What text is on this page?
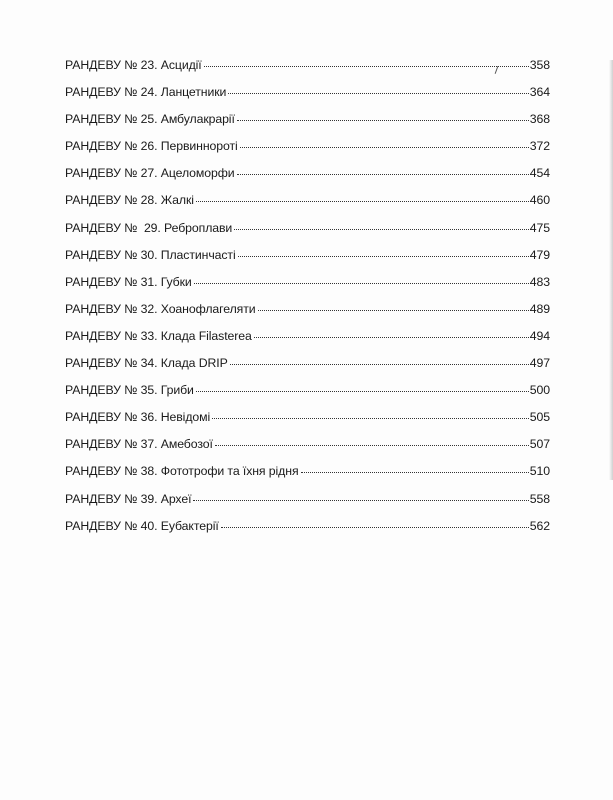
РАНДЕВУ № 23. Асцидії	358
РАНДЕВУ № 24. Ланцетники	364
РАНДЕВУ № 25. Амбулакрарії	368
РАНДЕВУ № 26. Первиннороті	372
РАНДЕВУ № 27. Ацеломорфи	454
РАНДЕВУ № 28. Жалкі	460
РАНДЕВУ №  29. Реброплави	475
РАНДЕВУ № 30. Пластинчасті	479
РАНДЕВУ № 31. Губки	483
РАНДЕВУ № 32. Хоанофлагеляти	489
РАНДЕВУ № 33. Клада Filasterea	494
РАНДЕВУ № 34. Клада DRIP	497
РАНДЕВУ № 35. Гриби	500
РАНДЕВУ № 36. Невідомі	505
РАНДЕВУ № 37. Амебозої	507
РАНДЕВУ № 38. Фототрофи та їхня рідня	510
РАНДЕВУ № 39. Археї	558
РАНДЕВУ № 40. Еубактерії	562
